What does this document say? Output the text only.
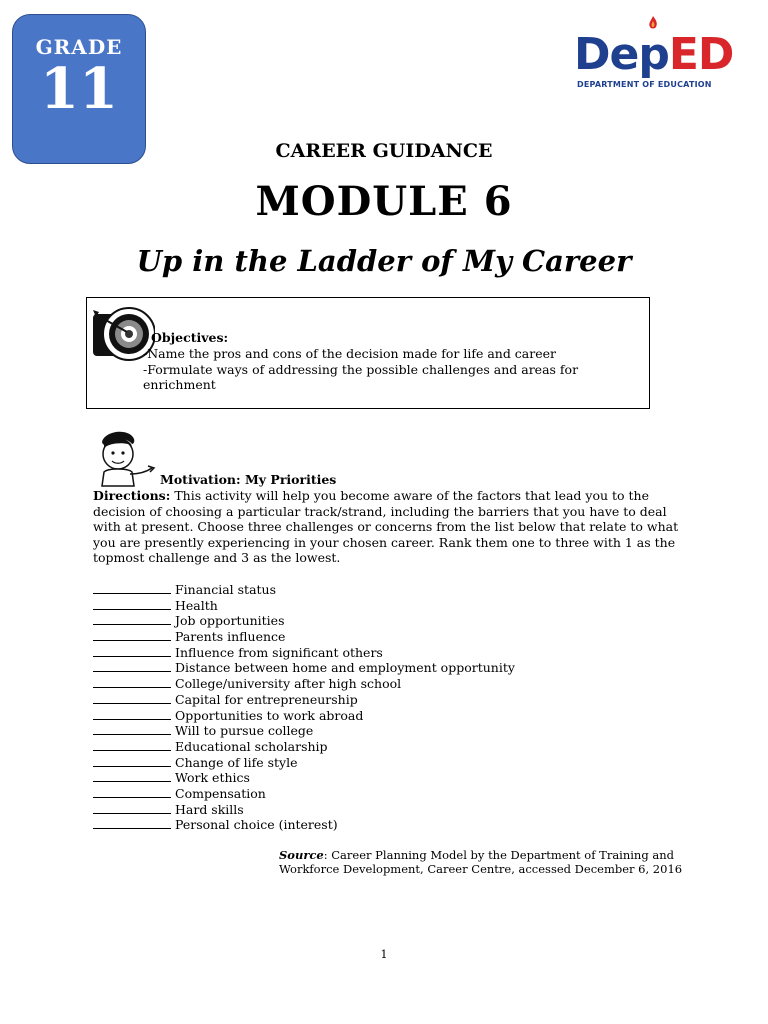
GRADE
11
DepED
DEPARTMENT OF EDUCATION
CAREER GUIDANCE
MODULE 6
Up in the Ladder of My Career
Objectives:
-Name the pros and cons of the decision made for life and career
-Formulate ways of addressing the possible challenges and areas for enrichment
Motivation: My Priorities
Directions: This activity will help you become aware of the factors that lead you to the decision of choosing a particular track/strand, including the barriers that you have to deal with at present. Choose three challenges or concerns from the list below that relate to what you are presently experiencing in your chosen career. Rank them one to three with 1 as the topmost challenge and 3 as the lowest.
Financial status
Health
Job opportunities
Parents influence
Influence from significant others
Distance between home and employment opportunity
College/university after high school
Capital for entrepreneurship
Opportunities to work abroad
Will to pursue college
Educational scholarship
Change of life style
Work ethics
Compensation
Hard skills
Personal choice (interest)
Source: Career Planning Model by the Department of Training and Workforce Development, Career Centre, accessed December 6, 2016
1
